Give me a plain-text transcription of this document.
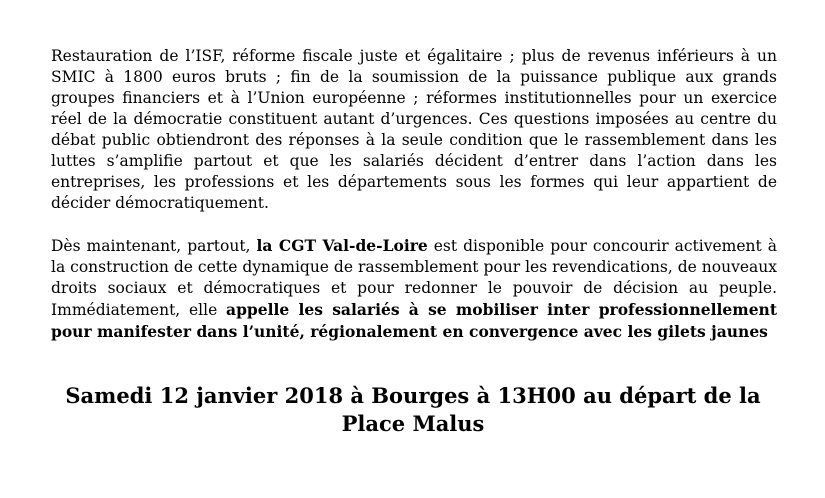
Restauration de l’ISF, réforme fiscale juste et égalitaire ; plus de revenus inférieurs à un SMIC à 1800 euros bruts ; fin de la soumission de la puissance publique aux grands groupes financiers et à l’Union européenne ; réformes institutionnelles pour un exercice réel de la démocratie constituent autant d’urgences. Ces questions imposées au centre du débat public obtiendront des réponses à la seule condition que le rassemblement dans les luttes s’amplifie partout et que les salariés décident d’entrer dans l’action dans les entreprises, les professions et les départements sous les formes qui leur appartient de décider démocratiquement.

Dès maintenant, partout, la CGT Val-de-Loire est disponible pour concourir activement à la construction de cette dynamique de rassemblement pour les revendications, de nouveaux droits sociaux et démocratiques et pour redonner le pouvoir de décision au peuple. Immédiatement, elle appelle les salariés à se mobiliser inter professionnellement pour manifester dans l’unité, régionalement en convergence avec les gilets jaunes

Samedi 12 janvier 2018 à Bourges à 13H00 au départ de la Place Malus
